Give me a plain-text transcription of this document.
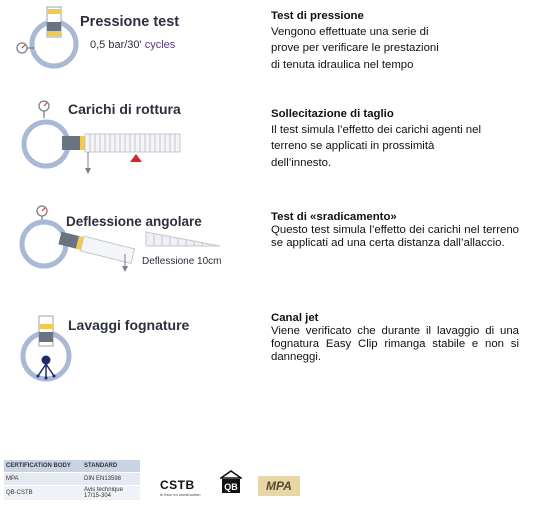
Pressione test
0,5 bar/30' cycles
Test di pressione
Vengono effettuate una serie di
prove per verificare le prestazioni
di tenuta idraulica nel tempo
Carichi di rottura	Sollecitazione di taglio
Il test simula l’effetto dei carichi agenti nel
terreno se applicati in prossimità
dell’innesto.
Deflessione angolare
Deflessione 10cm
Test di «sradicamento»
Questo test simula l’effetto dei carichi nel terreno se applicati ad una certa distanza dall’allaccio.
Lavaggi fognature	Canal jet
Viene verificato che durante il lavaggio di una fognatura Easy Clip rimanga stabile e non si danneggi.
CERTIFICATION BODY	STANDARD
MPA	DIN EN13598
QB-CSTB	Avis technique 17/15-304
CSTB
le futur en construction
QB MPA
